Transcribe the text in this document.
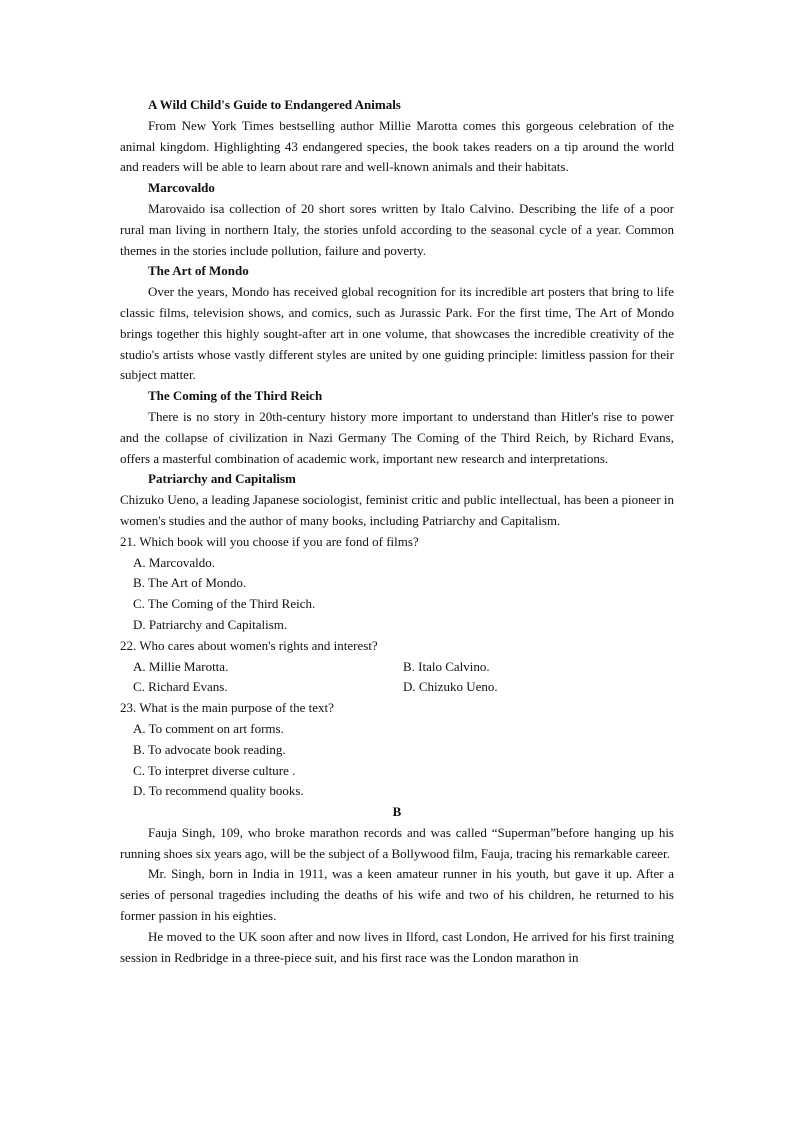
A Wild Child's Guide to Endangered Animals

From New York Times bestselling author Millie Marotta comes this gorgeous celebration of the animal kingdom. Highlighting 43 endangered species, the book takes readers on a tip around the world and readers will be able to learn about rare and well-known animals and their habitats.

Marcovaldo

Marovaido isa collection of 20 short sores written by Italo Calvino. Describing the life of a poor rural man living in northern Italy, the stories unfold according to the seasonal cycle of a year. Common themes in the stories include pollution, failure and poverty.

The Art of Mondo

Over the years, Mondo has received global recognition for its incredible art posters that bring to life classic films, television shows, and comics, such as Jurassic Park. For the first time, The Art of Mondo brings together this highly sought-after art in one volume, that showcases the incredible creativity of the studio's artists whose vastly different styles are united by one guiding principle: limitless passion for their subject matter.

The Coming of the Third Reich

There is no story in 20th-century history more important to understand than Hitler's rise to power and the collapse of civilization in Nazi Germany The Coming of the Third Reich, by Richard Evans, offers a masterful combination of academic work, important new research and interpretations.

Patriarchy and Capitalism

Chizuko Ueno, a leading Japanese sociologist, feminist critic and public intellectual, has been a pioneer in women's studies and the author of many books, including Patriarchy and Capitalism.

21. Which book will you choose if you are fond of films?

A. Marcovaldo.

B. The Art of Mondo.

C. The Coming of the Third Reich.

D. Patriarchy and Capitalism.

22. Who cares about women's rights and interest?

A. Millie Marotta.	B. Italo Calvino.
C. Richard Evans.	D. Chizuko Ueno.

23. What is the main purpose of the text?

A. To comment on art forms.

B. To advocate book reading.

C. To interpret diverse culture .

D. To recommend quality books.

B

Fauja Singh, 109, who broke marathon records and was called “Superman”before hanging up his running shoes six years ago, will be the subject of a Bollywood film, Fauja, tracing his remarkable career.

Mr. Singh, born in India in 1911, was a keen amateur runner in his youth, but gave it up. After a series of personal tragedies including the deaths of his wife and two of his children, he returned to his former passion in his eighties.

He moved to the UK soon after and now lives in Ilford, cast London, He arrived for his first training session in Redbridge in a three-piece suit, and his first race was the London marathon in
